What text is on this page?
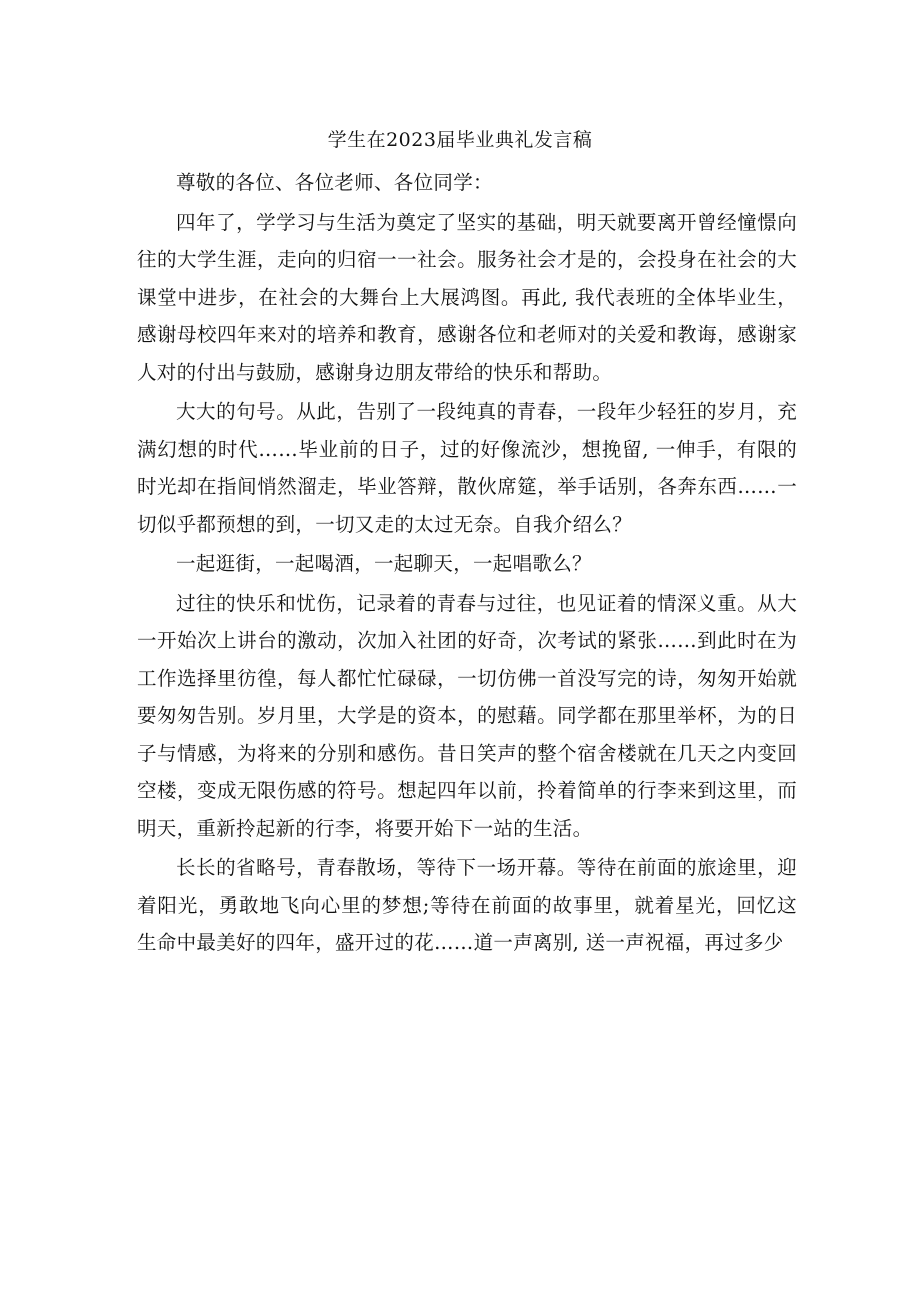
学生在2023届毕业典礼发言稿

尊敬的各位、各位老师、各位同学：

四年了，学学习与生活为奠定了坚实的基础，明天就要离开曾经憧憬向往的大学生涯，走向的归宿一一社会。服务社会才是的，会投身在社会的大课堂中进步，在社会的大舞台上大展鸿图。再此, 我代表班的全体毕业生，感谢母校四年来对的培养和教育，感谢各位和老师对的关爱和教诲，感谢家人对的付出与鼓励，感谢身边朋友带给的快乐和帮助。

大大的句号。从此，告别了一段纯真的青春，一段年少轻狂的岁月，充满幻想的时代……毕业前的日子，过的好像流沙，想挽留, 一伸手，有限的时光却在指间悄然溜走，毕业答辩，散伙席筵，举手话别，各奔东西……一切似乎都预想的到，一切又走的太过无奈。自我介绍么？

一起逛街，一起喝酒，一起聊天，一起唱歌么？

过往的快乐和忧伤，记录着的青春与过往，也见证着的情深义重。从大一开始次上讲台的激动，次加入社团的好奇，次考试的紧张……到此时在为工作选择里彷徨，每人都忙忙碌碌，一切仿佛一首没写完的诗，匆匆开始就要匆匆告别。岁月里，大学是的资本，的慰藉。同学都在那里举杯，为的日子与情感，为将来的分别和感伤。昔日笑声的整个宿舍楼就在几天之内变回空楼，变成无限伤感的符号。想起四年以前，拎着简单的行李来到这里，而明天，重新拎起新的行李，将要开始下一站的生活。

长长的省略号，青春散场，等待下一场开幕。等待在前面的旅途里，迎着阳光，勇敢地飞向心里的梦想;等待在前面的故事里，就着星光，回忆这生命中最美好的四年，盛开过的花……道一声离别, 送一声祝福，再过多少
